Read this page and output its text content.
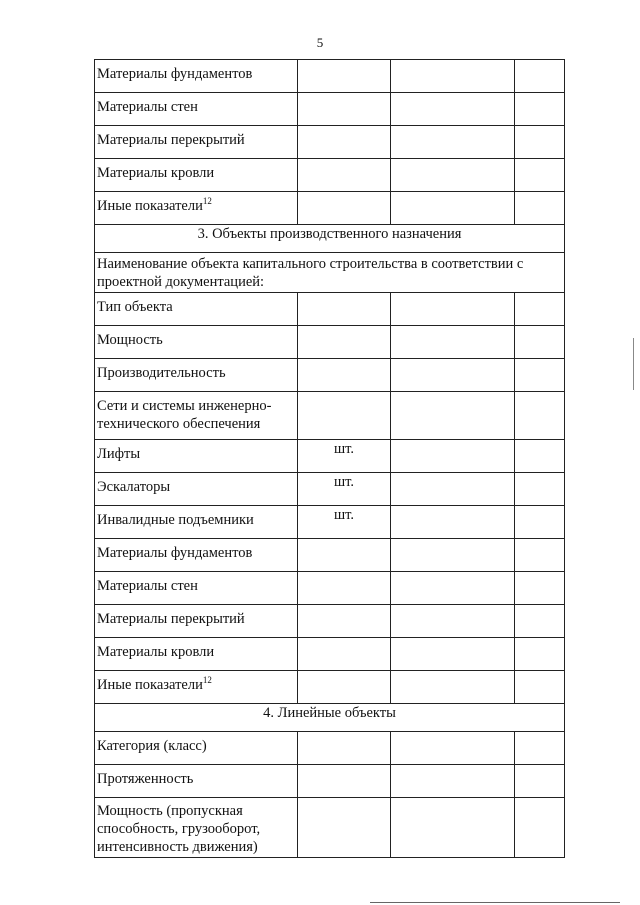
5
Материалы фундаментов			
Материалы стен			
Материалы перекрытий			
Материалы кровли			
Иные показатели$^{12}$			
3. Объекты производственного назначения			
Наименование объекта капитального строительства в соответствии с проектной документацией:			
Тип объекта			
Мощность			
Производительность			
Сети и системы инженерно-технического обеспечения			
Лифты	шт.		
Эскалаторы	шт.		
Инвалидные подъемники	шт.		
Материалы фундаментов			
Материалы стен			
Материалы перекрытий			
Материалы кровли			
Иные показатели$^{12}$			
4. Линейные объекты			
Категория (класс)			
Протяженность			
Мощность (пропускная способность, грузооборот, интенсивность движения)			
